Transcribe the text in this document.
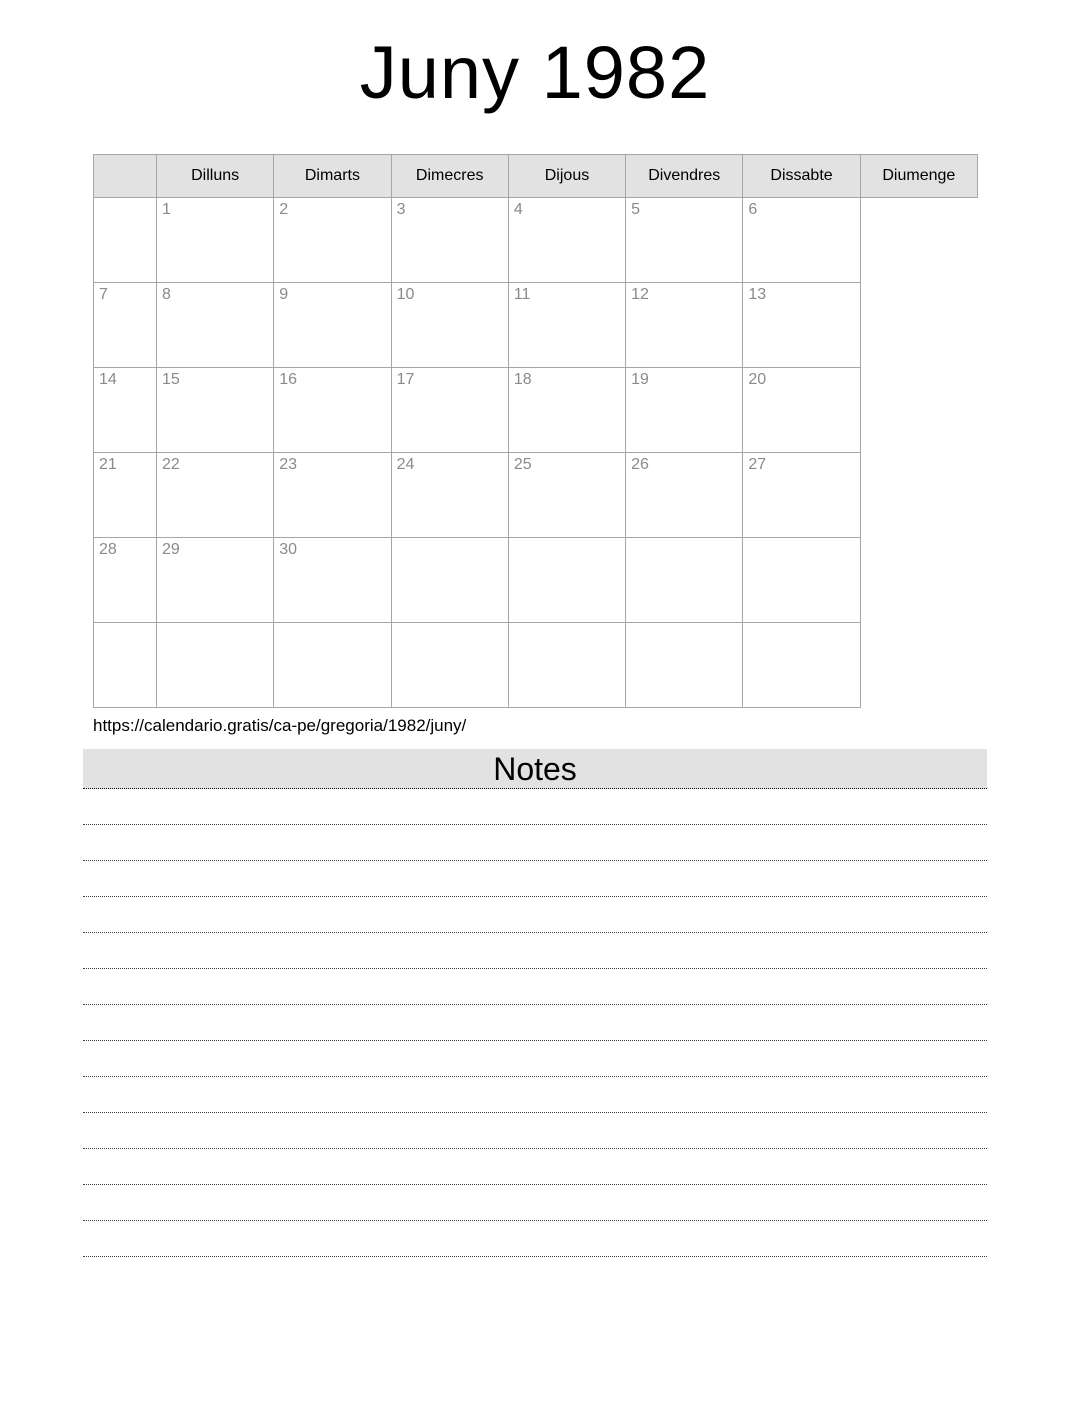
Juny 1982
	Dilluns	Dimarts	Dimecres	Dijous	Divendres	Dissabte	Diumenge
	1	2	3	4	5	6	
7	8	9	10	11	12	13	
14	15	16	17	18	19	20	
21	22	23	24	25	26	27	
28	29	30					

https://calendario.gratis/ca-pe/gregoria/1982/juny/
Notes
